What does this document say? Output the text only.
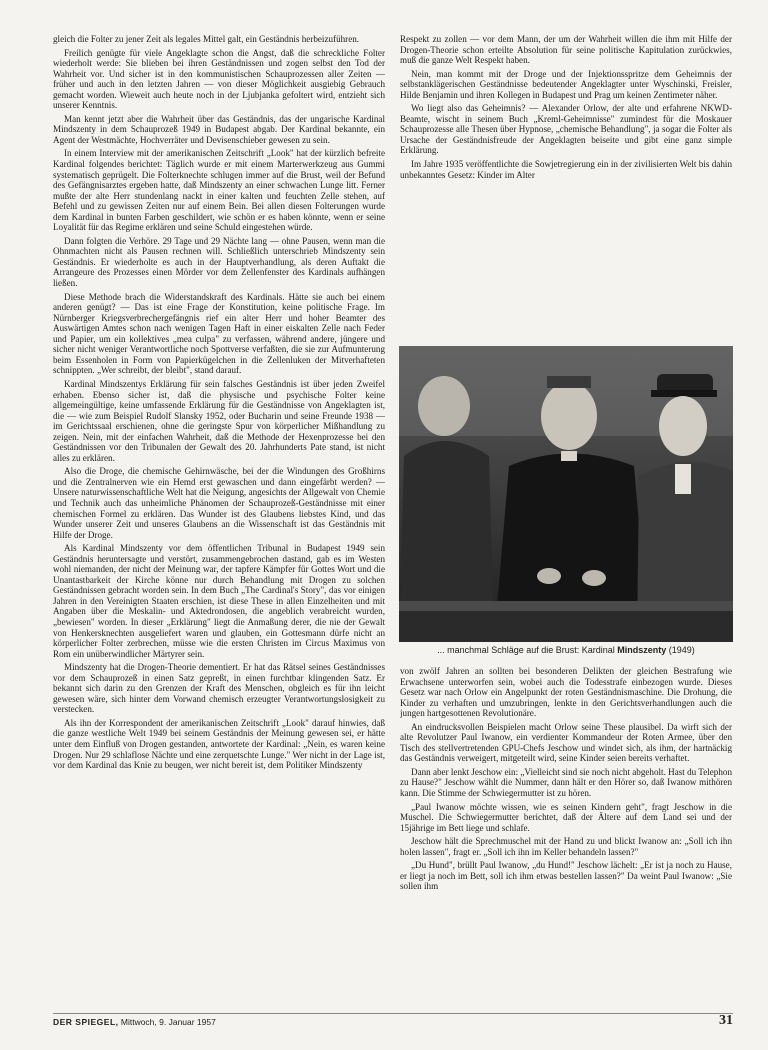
gleich die Folter zu jener Zeit als legales Mittel galt, ein Geständnis herbeizuführen.

Freilich genügte für viele Angeklagte schon die Angst, daß die schreckliche Folter wiederholt werde: Sie blieben bei ihren Geständnissen und zogen selbst den Tod der Wahrheit vor. Und sicher ist in den kommunistischen Schauprozessen aller Zeiten — früher und auch in den letzten Jahren — von dieser Möglichkeit ausgiebig Gebrauch gemacht worden. Wieweit auch heute noch in der Ljubjanka gefoltert wird, entzieht sich unserer Kenntnis.

Man kennt jetzt aber die Wahrheit über das Geständnis, das der ungarische Kardinal Mindszenty in dem Schauprozeß 1949 in Budapest abgab. Der Kardinal bekannte, ein Agent der Westmächte, Hochverräter und Devisenschieber gewesen zu sein.

In einem Interview mit der amerikanischen Zeitschrift „Look" hat der kürzlich befreite Kardinal folgendes berichtet: Täglich wurde er mit einem Marterwerkzeug aus Gummi systematisch geprügelt. Die Folterknechte schlugen immer auf die Brust, weil der Befund des Gefängnisarztes ergeben hatte, daß Mindszenty an einer schwachen Lunge litt. Ferner mußte der alte Herr stundenlang nackt in einer kalten und feuchten Zelle stehen, auf Befehl und zu gewissen Zeiten nur auf einem Bein. Bei allen diesen Folterungen wurde dem Kardinal in bunten Farben geschildert, wie schön er es haben könnte, wenn er seine Loyalität für das Regime erklären und seine Schuld eingestehen würde.

Dann folgten die Verhöre. 29 Tage und 29 Nächte lang — ohne Pausen, wenn man die Ohnmachten nicht als Pausen rechnen will. Schließlich unterschrieb Mindszenty sein Geständnis. Er wiederholte es auch in der Hauptverhandlung, als deren Auftakt die Arrangeure des Prozesses einen Mörder vor dem Zellenfenster des Kardinals aufhängen ließen.

Diese Methode brach die Widerstandskraft des Kardinals. Hätte sie auch bei einem anderen genügt? — Das ist eine Frage der Konstitution, keine politische Frage. Im Nürnberger Kriegsverbrechergefängnis rief ein alter Herr und hoher Beamter des Auswärtigen Amtes schon nach wenigen Tagen Haft in einer eiskalten Zelle nach Feder und Papier, um ein kollektives „mea culpa" zu verfassen, während andere, jüngere und sicher nicht weniger Verantwortliche noch Spottverse verfaßten, die sie zur Aufmunterung beim Essenholen in Form von Papierkügelchen in die Zellenluken der Mitverhafteten schnippten. „Wer schreibt, der bleibt", stand darauf.

Kardinal Mindszentys Erklärung für sein falsches Geständnis ist über jeden Zweifel erhaben. Ebenso sicher ist, daß die physische und psychische Folter keine allgemeingültige, keine umfassende Erklärung für die Geständnisse von Angeklagten ist, die — wie zum Beispiel Rudolf Slansky 1952, oder Bucharin und seine Freunde 1938 — im Gerichtssaal erschienen, ohne die geringste Spur von körperlicher Mißhandlung zu zeigen. Nein, mit der einfachen Wahrheit, daß die Methode der Hexenprozesse bei den Geständnissen vor den Tribunalen der Gewalt des 20. Jahrhunderts Pate stand, ist nicht alles zu erklären.

Also die Droge, die chemische Gehirnwäsche, bei der die Windungen des Großhirns und die Zentralnerven wie ein Hemd erst gewaschen und dann eingefärbt werden? — Unsere naturwissenschaftliche Welt hat die Neigung, angesichts der Allgewalt von Chemie und Technik auch das unheimliche Phänomen der Schauprozeß-Geständnisse mit einer chemischen Formel zu erklären. Das Wunder ist des Glaubens liebstes Kind, und das Wunder unserer Zeit und unseres Glaubens an die Wissenschaft ist das Geständnis mit Hilfe der Droge.

Als Kardinal Mindszenty vor dem öffentlichen Tribunal in Budapest 1949 sein Geständnis heruntersagte und verstört, zusammengebrochen dastand, gab es im Westen wohl niemanden, der nicht der Meinung war, der tapfere Kämpfer für Gottes Wort und die Unantastbarkeit der Kirche könne nur durch Behandlung mit Drogen zu solchen Geständnissen gebracht worden sein. In dem Buch „The Cardinal's Story", das vor einigen Jahren in den Vereinigten Staaten erschien, ist diese These in allen Einzelheiten und mit Angaben über die Meskalin- und Aktedrondosen, die angeblich verabreicht wurden, „bewiesen" worden. In dieser „Erklärung" liegt die Anmaßung derer, die nie der Gewalt von Henkersknechten ausgeliefert waren und glauben, ein Gottesmann dürfe nicht an körperlicher Folter zerbrechen, müsse wie die ersten Christen im Circus Maximus von Rom ein unüberwindlicher Märtyrer sein.

Mindszenty hat die Drogen-Theorie dementiert. Er hat das Rätsel seines Geständnisses vor dem Schauprozeß in einen Satz gepreßt, in einen furchtbar klingenden Satz. Er bekannt sich darin zu den Grenzen der Kraft des Menschen, obgleich es für ihn leicht gewesen wäre, sich hinter dem Vorwand chemisch erzeugter Verantwortungslosigkeit zu verstecken.

Als ihn der Korrespondent der amerikanischen Zeitschrift „Look" darauf hinwies, daß die ganze westliche Welt 1949 bei seinem Geständnis der Meinung gewesen sei, er hätte unter dem Einfluß von Drogen gestanden, antwortete der Kardinal: „Nein, es waren keine Drogen. Nur 29 schlaflose Nächte und eine zerquetschte Lunge." Wer nicht in der Lage ist, vor dem Kardinal das Knie zu beugen, wer nicht bereit ist, dem Politiker Mindszenty

Respekt zu zollen — vor dem Mann, der um der Wahrheit willen die ihm mit Hilfe der Drogen-Theorie schon erteilte Absolution für seine politische Kapitulation zurückwies, muß die ganze Welt Respekt haben.

Nein, man kommt mit der Droge und der Injektionsspritze dem Geheimnis der selbstanklägerischen Geständnisse bedeutender Angeklagter unter Wyschinski, Freisler, Hilde Benjamin und ihren Kollegen in Budapest und Prag um keinen Zentimeter näher.

Wo liegt also das Geheimnis? — Alexander Orlow, der alte und erfahrene NKWD-Beamte, wischt in seinem Buch „Kreml-Geheimnisse" zumindest für die Moskauer Schauprozesse alle Thesen über Hypnose, „chemische Behandlung", ja sogar die Folter als Ursache der Geständnisfreude der Angeklagten beiseite und gibt eine ganz simple Erklärung.

Im Jahre 1935 veröffentlichte die Sowjetregierung ein in der zivilisierten Welt bis dahin unbekanntes Gesetz: Kinder im Alter

... manchmal Schläge auf die Brust: Kardinal Mindszenty (1949)

von zwölf Jahren an sollten bei besonderen Delikten der gleichen Bestrafung wie Erwachsene unterworfen sein, wobei auch die Todesstrafe einbezogen wurde. Dieses Gesetz war nach Orlow ein Angelpunkt der roten Geständnismaschine. Die Drohung, die Kinder zu verhaften und umzubringen, lenkte in den Gerichtsverhandlungen auch die jungen hartgesottenen Revolutionäre.

An eindrucksvollen Beispielen macht Orlow seine These plausibel. Da wirft sich der alte Revolutzer Paul Iwanow, ein verdienter Kommandeur der Roten Armee, über den Tisch des stellvertretenden GPU-Chefs Jeschow und windet sich, als ihm, der hartnäckig das Geständnis verweigert, mitgeteilt wird, seine Kinder seien bereits verhaftet.

Dann aber lenkt Jeschow ein: „Vielleicht sind sie noch nicht abgeholt. Hast du Telephon zu Hause?" Jeschow wählt die Nummer, dann hält er den Hörer so, daß Iwanow mithören kann. Die Stimme der Schwiegermutter ist zu hören.

„Paul Iwanow möchte wissen, wie es seinen Kindern geht", fragt Jeschow in die Muschel. Die Schwiegermutter berichtet, daß der Ältere auf dem Land sei und der 15jährige im Bett liege und schlafe.

Jeschow hält die Sprechmuschel mit der Hand zu und blickt Iwanow an: „Soll ich ihn holen lassen", fragt er. „Soll ich ihn im Keller behandeln lassen?"

„Du Hund", brüllt Paul Iwanow, „du Hund!" Jeschow lächelt: „Er ist ja noch zu Hause, er liegt ja noch im Bett, soll ich ihm etwas bestellen lassen?" Da weint Paul Iwanow: „Sie sollen ihm

DER SPIEGEL, Mittwoch, 9. Januar 1957	31
